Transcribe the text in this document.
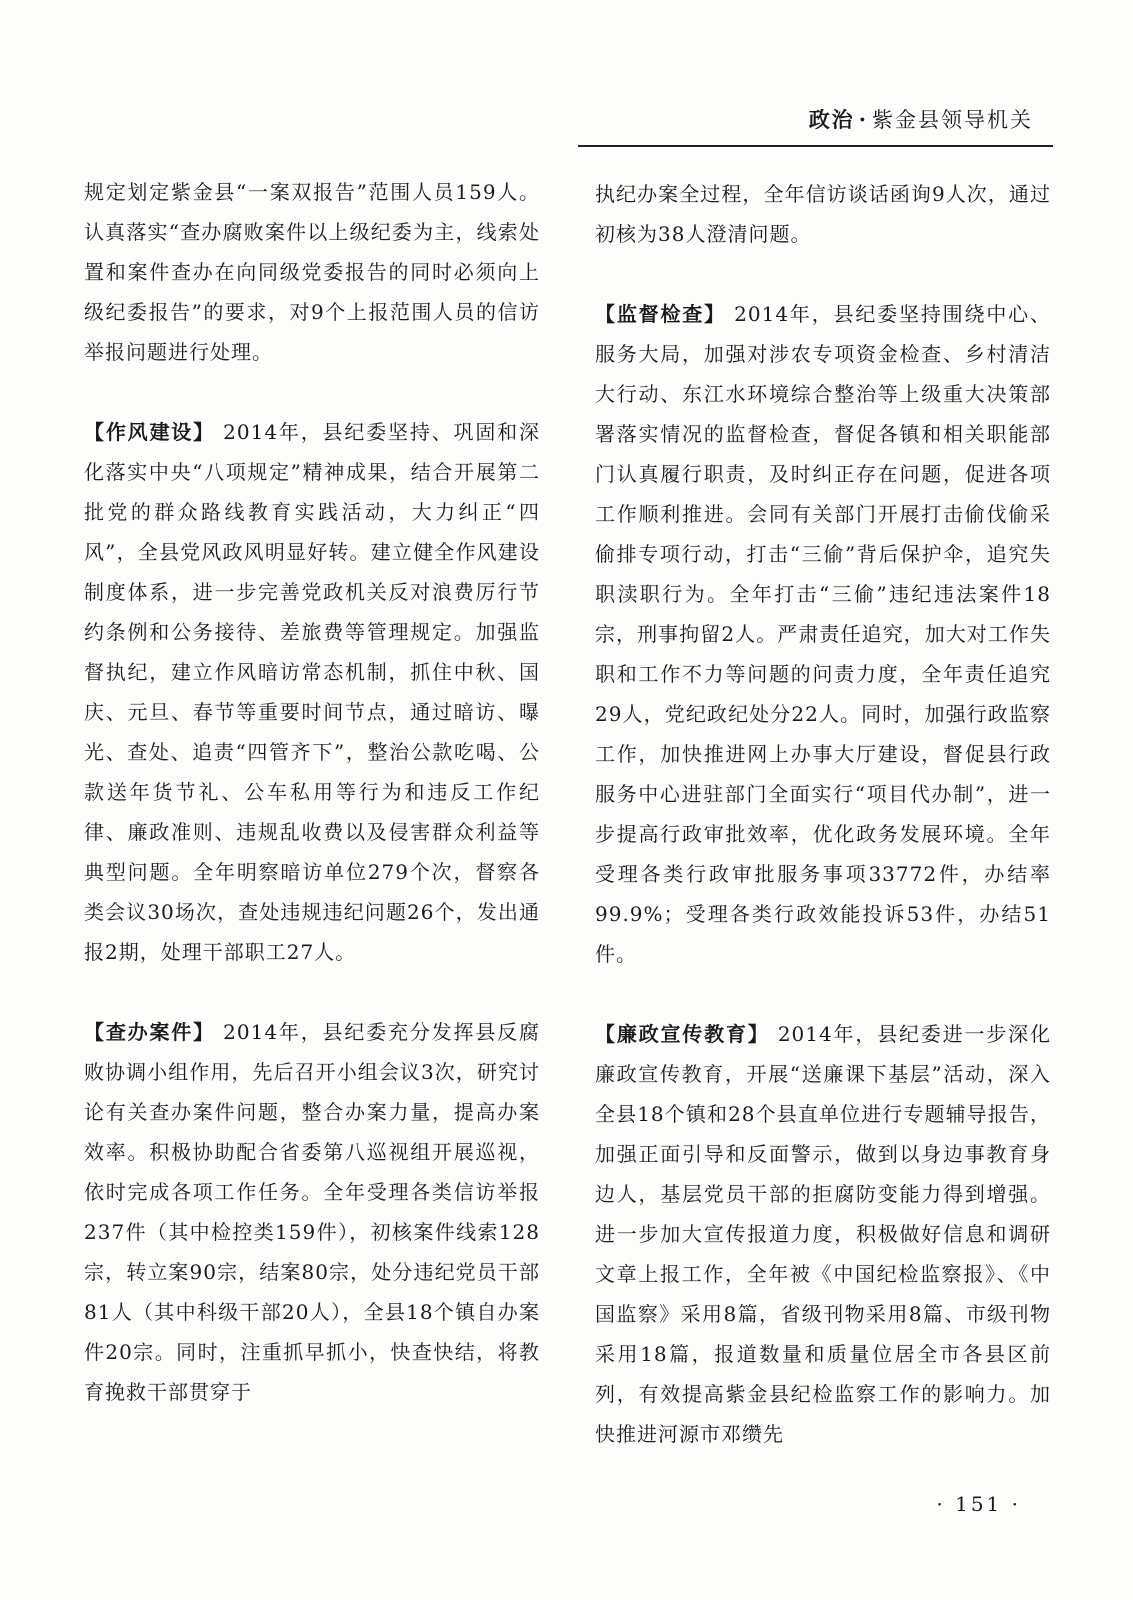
政治 · 紫金县领导机关

规定划定紫金县“一案双报告”范围人员159人。认真落实“查办腐败案件以上级纪委为主，线索处置和案件查办在向同级党委报告的同时必须向上级纪委报告”的要求，对9个上报范围人员的信访举报问题进行处理。

【作风建设】 2014年，县纪委坚持、巩固和深化落实中央“八项规定”精神成果，结合开展第二批党的群众路线教育实践活动，大力纠正“四风”，全县党风政风明显好转。建立健全作风建设制度体系，进一步完善党政机关反对浪费厉行节约条例和公务接待、差旅费等管理规定。加强监督执纪，建立作风暗访常态机制，抓住中秋、国庆、元旦、春节等重要时间节点，通过暗访、曝光、查处、追责“四管齐下”，整治公款吃喝、公款送年货节礼、公车私用等行为和违反工作纪律、廉政准则、违规乱收费以及侵害群众利益等典型问题。全年明察暗访单位279个次，督察各类会议30场次，查处违规违纪问题26个，发出通报2期，处理干部职工27人。

【查办案件】 2014年，县纪委充分发挥县反腐败协调小组作用，先后召开小组会议3次，研究讨论有关查办案件问题，整合办案力量，提高办案效率。积极协助配合省委第八巡视组开展巡视，依时完成各项工作任务。全年受理各类信访举报237件（其中检控类159件），初核案件线索128宗，转立案90宗，结案80宗，处分违纪党员干部81人（其中科级干部20人），全县18个镇自办案件20宗。同时，注重抓早抓小，快查快结，将教育挽救干部贯穿于

执纪办案全过程，全年信访谈话函询9人次，通过初核为38人澄清问题。

【监督检查】 2014年，县纪委坚持围绕中心、服务大局，加强对涉农专项资金检查、乡村清洁大行动、东江水环境综合整治等上级重大决策部署落实情况的监督检查，督促各镇和相关职能部门认真履行职责，及时纠正存在问题，促进各项工作顺利推进。会同有关部门开展打击偷伐偷采偷排专项行动，打击“三偷”背后保护伞，追究失职渎职行为。全年打击“三偷”违纪违法案件18宗，刑事拘留2人。严肃责任追究，加大对工作失职和工作不力等问题的问责力度，全年责任追究29人，党纪政纪处分22人。同时，加强行政监察工作，加快推进网上办事大厅建设，督促县行政服务中心进驻部门全面实行“项目代办制”，进一步提高行政审批效率，优化政务发展环境。全年受理各类行政审批服务事项33772件，办结率99.9%；受理各类行政效能投诉53件，办结51件。

【廉政宣传教育】 2014年，县纪委进一步深化廉政宣传教育，开展“送廉课下基层”活动，深入全县18个镇和28个县直单位进行专题辅导报告，加强正面引导和反面警示，做到以身边事教育身边人，基层党员干部的拒腐防变能力得到增强。进一步加大宣传报道力度，积极做好信息和调研文章上报工作，全年被《中国纪检监察报》、《中国监察》采用8篇，省级刊物采用8篇、市级刊物采用18篇，报道数量和质量位居全市各县区前列，有效提高紫金县纪检监察工作的影响力。加快推进河源市邓缵先

· 151 ·
